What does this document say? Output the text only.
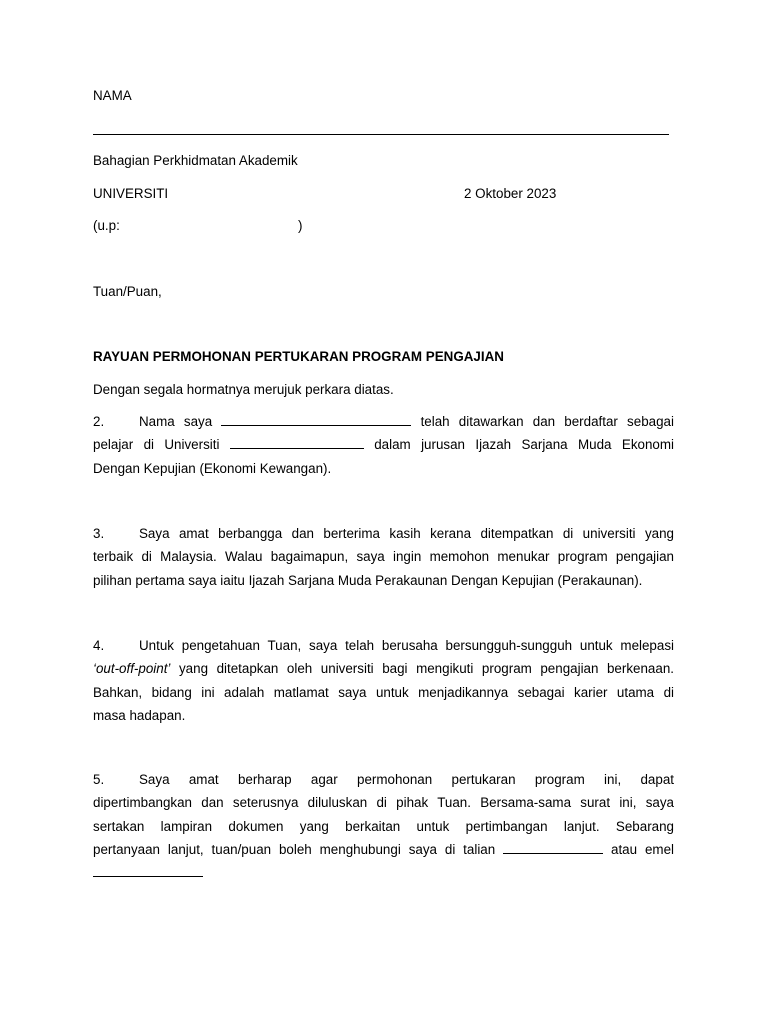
NAMA
Bahagian Perkhidmatan Akademik
UNIVERSITI	2 Oktober 2023
(u.p:	)
Tuan/Puan,
RAYUAN PERMOHONAN PERTUKARAN PROGRAM PENGAJIAN
Dengan segala hormatnya merujuk perkara diatas.
2.	Nama saya	telah ditawarkan dan berdaftar sebagai
pelajar di Universiti	dalam jurusan Ijazah Sarjana Muda Ekonomi
Dengan Kepujian (Ekonomi Kewangan).
3.	Saya amat berbangga dan berterima kasih kerana ditempatkan di universiti yang
terbaik di Malaysia. Walau bagaimapun, saya ingin memohon menukar program pengajian
pilihan pertama saya iaitu Ijazah Sarjana Muda Perakaunan Dengan Kepujian (Perakaunan).
4.	Untuk pengetahuan Tuan, saya telah berusaha bersungguh-sungguh untuk melepasi
‘out-off-point’ yang ditetapkan oleh universiti bagi mengikuti program pengajian berkenaan.
Bahkan, bidang ini adalah matlamat saya untuk menjadikannya sebagai karier utama di
masa hadapan.
5.	Saya amat berharap agar permohonan pertukaran program ini, dapat
dipertimbangkan dan seterusnya diluluskan di pihak Tuan. Bersama-sama surat ini, saya
sertakan lampiran dokumen yang berkaitan untuk pertimbangan lanjut. Sebarang
pertanyaan lanjut, tuan/puan boleh menghubungi saya di talian	atau emel
